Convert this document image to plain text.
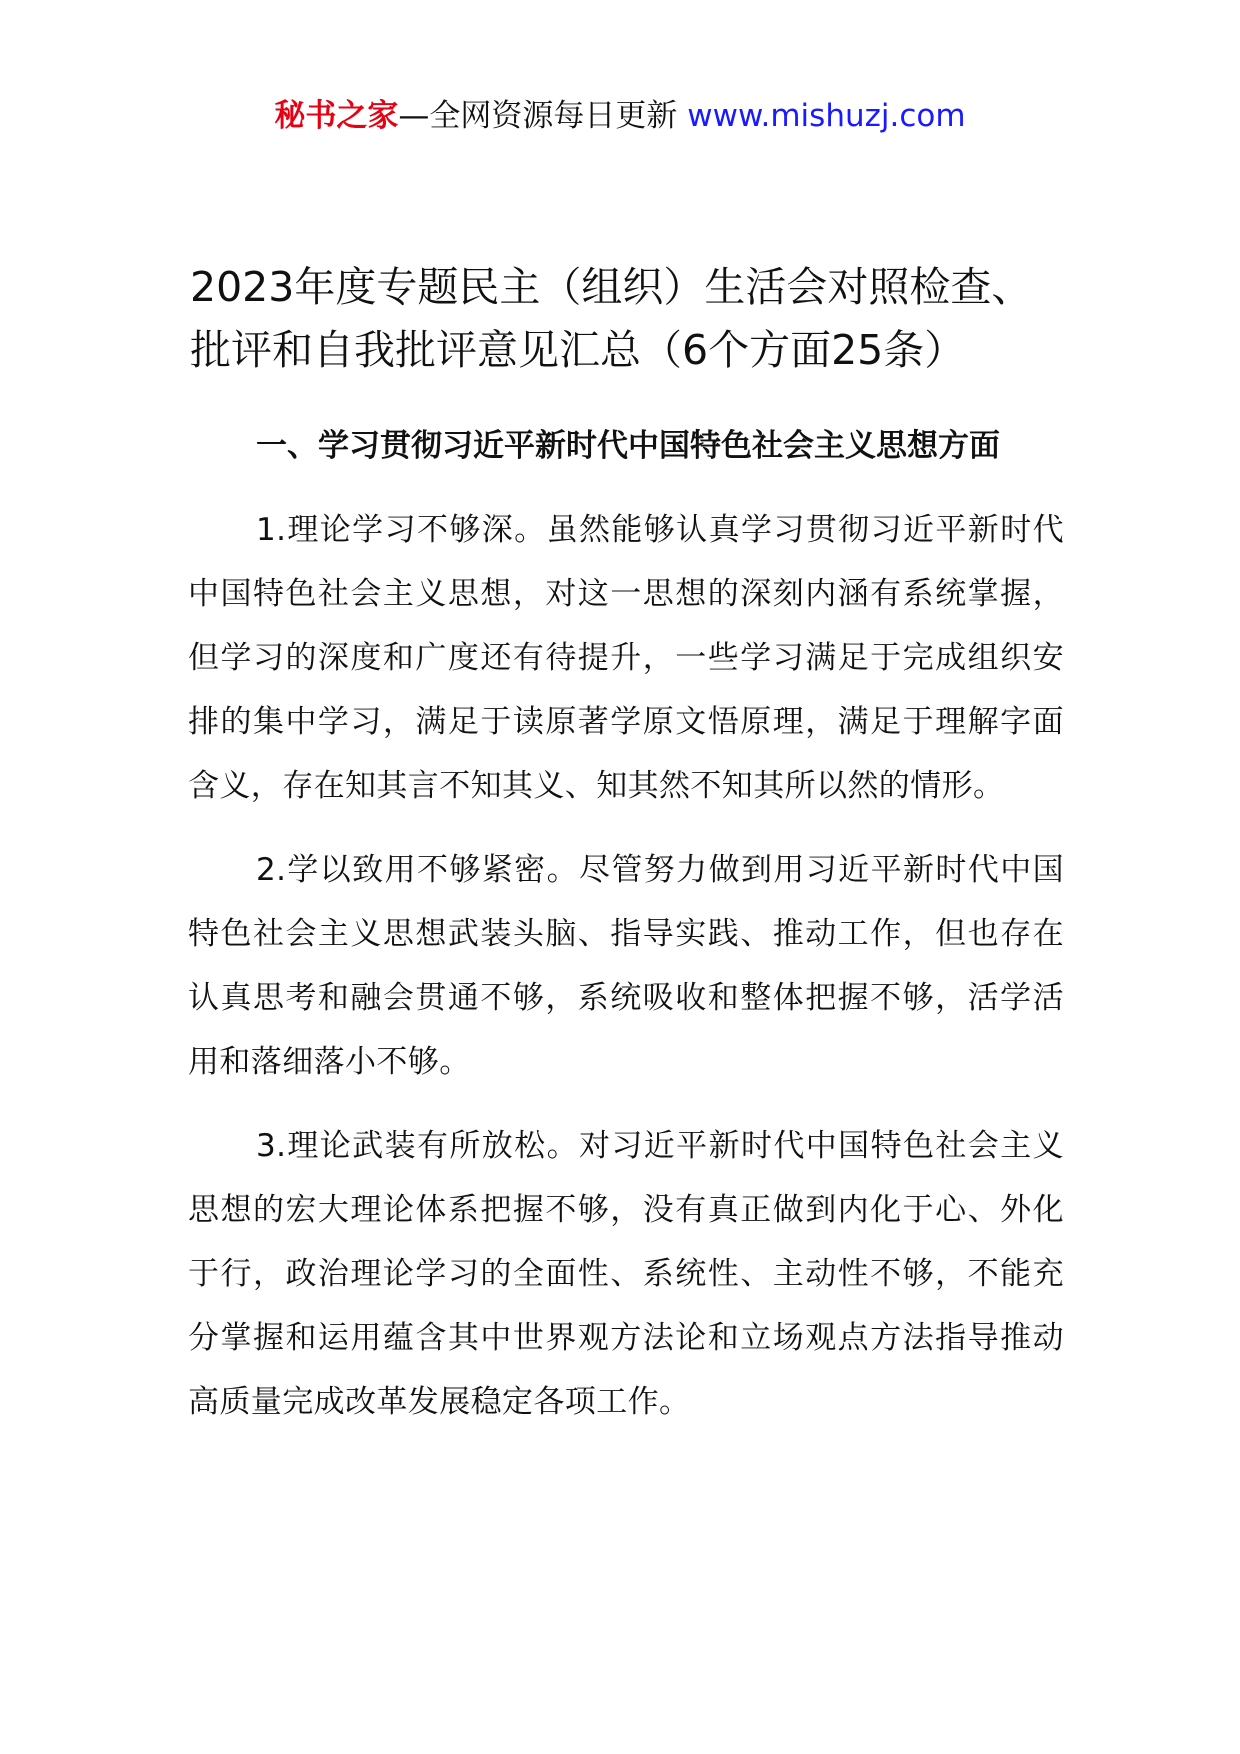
秘书之家—全网资源每日更新 www.mishuzj.com
2023年度专题民主（组织）生活会对照检查、
批评和自我批评意见汇总（6个方面25条）

一、学习贯彻习近平新时代中国特色社会主义思想方面

1.理论学习不够深。虽然能够认真学习贯彻习近平新时代中国特色社会主义思想，对这一思想的深刻内涵有系统掌握，但学习的深度和广度还有待提升，一些学习满足于完成组织安排的集中学习，满足于读原著学原文悟原理，满足于理解字面含义，存在知其言不知其义、知其然不知其所以然的情形。

2.学以致用不够紧密。尽管努力做到用习近平新时代中国特色社会主义思想武装头脑、指导实践、推动工作，但也存在认真思考和融会贯通不够，系统吸收和整体把握不够，活学活用和落细落小不够。

3.理论武装有所放松。对习近平新时代中国特色社会主义思想的宏大理论体系把握不够，没有真正做到内化于心、外化于行，政治理论学习的全面性、系统性、主动性不够，不能充分掌握和运用蕴含其中世界观方法论和立场观点方法指导推动高质量完成改革发展稳定各项工作。
